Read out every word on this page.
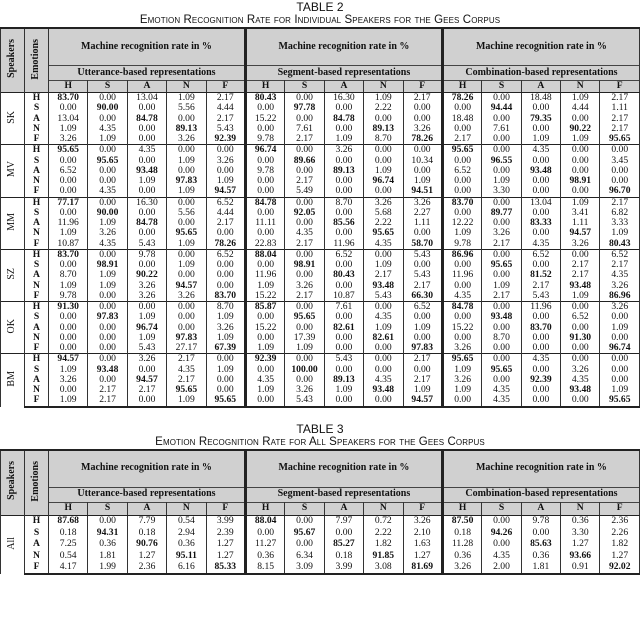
TABLE 2
Emotion Recognition Rate for Individual Speakers for the Gees Corpus
Speakers	Emotions	Machine recognition rate in %					Machine recognition rate in %					Machine recognition rate in %				
		Utterance-based representations					Segment-based representations					Combination-based representations				
		H	S	A	N	F	H	S	A	N	F	H	S	A	N	F
SK	H	83.70	0.00	13.04	1.09	2.17	80.43	0.00	16.30	1.09	2.17	78.26	0.00	18.48	1.09	2.17
	S	0.00	90.00	0.00	5.56	4.44	0.00	97.78	0.00	2.22	0.00	0.00	94.44	0.00	4.44	1.11
	A	13.04	0.00	84.78	0.00	2.17	15.22	0.00	84.78	0.00	0.00	18.48	0.00	79.35	0.00	2.17
	N	1.09	4.35	0.00	89.13	5.43	0.00	7.61	0.00	89.13	3.26	0.00	7.61	0.00	90.22	2.17
	F	3.26	1.09	0.00	3.26	92.39	9.78	2.17	1.09	8.70	78.26	2.17	0.00	1.09	1.09	95.65
MV	H	95.65	0.00	4.35	0.00	0.00	96.74	0.00	3.26	0.00	0.00	95.65	0.00	4.35	0.00	0.00
	S	0.00	95.65	0.00	1.09	3.26	0.00	89.66	0.00	0.00	10.34	0.00	96.55	0.00	0.00	3.45
	A	6.52	0.00	93.48	0.00	0.00	9.78	0.00	89.13	1.09	0.00	6.52	0.00	93.48	0.00	0.00
	N	0.00	0.00	1.09	97.83	1.09	0.00	2.17	0.00	96.74	1.09	0.00	1.09	0.00	98.91	0.00
	F	0.00	4.35	0.00	1.09	94.57	0.00	5.49	0.00	0.00	94.51	0.00	3.30	0.00	0.00	96.70
MM	H	77.17	0.00	16.30	0.00	6.52	84.78	0.00	8.70	3.26	3.26	83.70	0.00	13.04	1.09	2.17
	S	0.00	90.00	0.00	5.56	4.44	0.00	92.05	0.00	5.68	2.27	0.00	89.77	0.00	3.41	6.82
	A	11.96	1.09	84.78	0.00	2.17	11.11	0.00	85.56	2.22	1.11	12.22	0.00	83.33	1.11	3.33
	N	1.09	3.26	0.00	95.65	0.00	0.00	4.35	0.00	95.65	0.00	1.09	3.26	0.00	94.57	1.09
	F	10.87	4.35	5.43	1.09	78.26	22.83	2.17	11.96	4.35	58.70	9.78	2.17	4.35	3.26	80.43
SZ	H	83.70	0.00	9.78	0.00	6.52	88.04	0.00	6.52	0.00	5.43	86.96	0.00	6.52	0.00	6.52
	S	0.00	98.91	0.00	1.09	0.00	0.00	98.91	0.00	1.09	0.00	0.00	95.65	0.00	2.17	2.17
	A	8.70	1.09	90.22	0.00	0.00	11.96	0.00	80.43	2.17	5.43	11.96	0.00	81.52	2.17	4.35
	N	1.09	1.09	3.26	94.57	0.00	1.09	3.26	0.00	93.48	2.17	0.00	1.09	2.17	93.48	3.26
	F	9.78	0.00	3.26	3.26	83.70	15.22	2.17	10.87	5.43	66.30	4.35	2.17	5.43	1.09	86.96
OK	H	91.30	0.00	0.00	0.00	8.70	85.87	0.00	7.61	0.00	6.52	84.78	0.00	11.96	0.00	3.26
	S	0.00	97.83	1.09	0.00	1.09	0.00	95.65	0.00	4.35	0.00	0.00	93.48	0.00	6.52	0.00
	A	0.00	0.00	96.74	0.00	3.26	15.22	0.00	82.61	1.09	1.09	15.22	0.00	83.70	0.00	1.09
	N	0.00	0.00	1.09	97.83	1.09	0.00	17.39	0.00	82.61	0.00	0.00	8.70	0.00	91.30	0.00
	F	0.00	0.00	5.43	27.17	67.39	1.09	1.09	0.00	0.00	97.83	3.26	0.00	0.00	0.00	96.74
BM	H	94.57	0.00	3.26	2.17	0.00	92.39	0.00	5.43	0.00	2.17	95.65	0.00	4.35	0.00	0.00
	S	1.09	93.48	0.00	4.35	1.09	0.00	100.00	0.00	0.00	0.00	1.09	95.65	0.00	3.26	0.00
	A	3.26	0.00	94.57	2.17	0.00	4.35	0.00	89.13	4.35	2.17	3.26	0.00	92.39	4.35	0.00
	N	0.00	2.17	2.17	95.65	0.00	1.09	3.26	1.09	93.48	1.09	1.09	4.35	0.00	93.48	1.09
	F	1.09	2.17	0.00	1.09	95.65	0.00	5.43	0.00	0.00	94.57	0.00	4.35	0.00	0.00	95.65
TABLE 3
Emotion Recognition Rate for All Speakers for the Gees Corpus
Speakers	Emotions	Machine recognition rate in %					Machine recognition rate in %					Machine recognition rate in %				
		Utterance-based representations					Segment-based representations					Combination-based representations				
		H	S	A	N	F	H	S	A	N	F	H	S	A	N	F
All	H	87.68	0.00	7.79	0.54	3.99	88.04	0.00	7.97	0.72	3.26	87.50	0.00	9.78	0.36	2.36
	S	0.18	94.31	0.18	2.94	2.39	0.00	95.67	0.00	2.22	2.10	0.18	94.26	0.00	3.30	2.26
	A	7.25	0.36	90.76	0.36	1.27	11.27	0.00	85.27	1.82	1.63	11.28	0.00	85.63	1.27	1.82
	N	0.54	1.81	1.27	95.11	1.27	0.36	6.34	0.18	91.85	1.27	0.36	4.35	0.36	93.66	1.27
	F	4.17	1.99	2.36	6.16	85.33	8.15	3.09	3.99	3.08	81.69	3.26	2.00	1.81	0.91	92.02
